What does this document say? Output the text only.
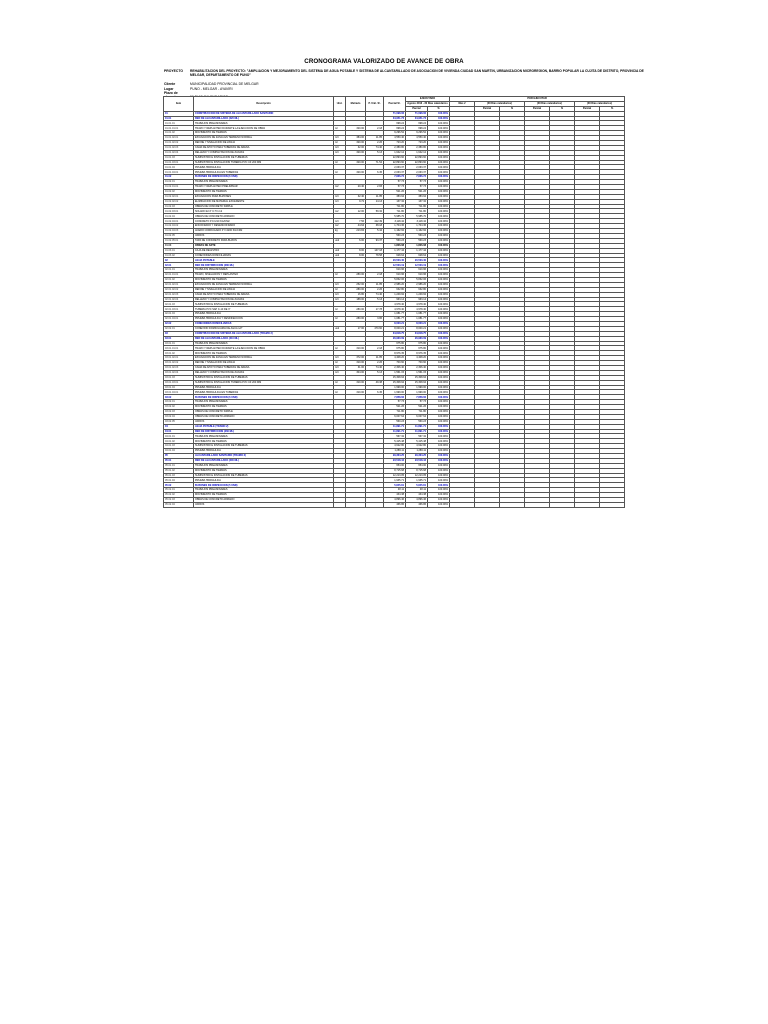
CRONOGRAMA VALORIZADO DE AVANCE DE OBRA
PROYECTO	REHABILITACION DEL PROYECTO: "AMPLIACION Y MEJORAMIENTO DEL SISTEMA DE AGUA POTABLE Y SISTEMA DE ALCANTARILLADO DE ASOCIACION DE VIVIENDA CIUDAD SAN MARTIN, URBANIZACION MICROREGION, BARRIO POPULAR LA CUJITA DE DISTRITO, PROVINCIA DE MELGAR, DEPARTAMENTO DE PUNO"
Cliente	MUNICIPALIDAD PROVINCIAL DE MELGAR
Lugar	PUNO - MELGAR - AYAVIRI
Plazo de
Item	Descripción	Und.	Metrado	P. Unit. S/.	Parcial S/.	EJECUTADO		POR EJECUTAR						
						Agosto 2013 - 30 Dias calendarios		Mes 2	(30 Dias calendarios)		(30 Dias calendarios)		(30 Dias calendarios)	
						Parcial	%		Parcial	%	Parcial	%	Parcial	%
01	CONSTRUCCION DE SISTEMA DE ALCANTARILLADO SANITARIO				71,098.06	71,098.06	100.00%							
01.01	RED DE ALCANTARILLADO (320 ML)				34,951.73	34,951.73	100.00%							
01.01.01	TRABAJOS PRELIMINARES				698.24	698.24	100.00%							
01.01.01.01	TRAZO Y REPLANTEO DURANTE LA EJECUCION DE OBRA	ml	320.00	2.18	698.24	698.24	100.00%							
01.01.02	MOVIMIENTO DE TIERRAS				9,296.52	9,296.52	100.00%							
01.01.02.01	EXCAVACION DE ZANJA EN TERRENO NORMAL	m3	384.00	11.85	4,550.40	4,550.40	100.00%							
01.01.02.02	REFINE Y NIVELACION DE ZANJA	ml	320.00	2.26	723.20	723.20	100.00%							
01.01.02.03	CAMA DE APOYO PARA TUBERIAS DE ARENA	m3	32.00	74.40	2,380.80	2,380.80	100.00%							
01.01.02.04	RELLENO Y COMPACTACION DE ZANJAS	m3	320.00	5.13	1,642.12	1,642.12	100.00%							
01.01.03	SUMINISTRO E INSTALACION DE TUBERIAS				22,893.60	22,893.60	100.00%							
01.01.03.01	SUMINISTRO E INSTALACION TUBERIA PVC UF 200 MM	ml	320.00	71.54	22,893.60	22,893.60	100.00%							
01.01.04	PRUEBA HIDRAULICA				2,063.37	2,063.37	100.00%							
01.01.04.01	PRUEBA HIDRAULICA EN TUBERIAS	ml	320.00	6.45	2,063.37	2,063.37	100.00%							
01.02	BUZONES DE INSPECCION (6 UND)				7,836.72	7,836.72	100.00%							
01.02.01	TRABAJOS PRELIMINARES				57.73	57.73	100.00%							
01.02.01.01	TRAZO Y REPLANTEO PRELIMINAR	m2	20.40	2.83	57.73	57.73	100.00%							
01.02.02	MOVIMIENTO DE TIERRAS				521.26	521.26	100.00%							
01.02.02.01	EXCAVACION PARA BUZONES	m3	32.40	11.85	383.94	383.94	100.00%							
01.02.02.02	ELIMINACION DE MATERIAL EXCEDENTE	m3	9.72	14.13	137.32	137.32	100.00%							
01.02.03	OBRAS DE CONCRETO SIMPLE				711.80	711.80	100.00%							
01.02.03.01	SOLADO E=4" C:H 1:12	m2	12.00	59.32	711.80	711.80	100.00%							
01.02.04	OBRAS DE CONCRETO ARMADO				5,985.70	5,985.70	100.00%							
01.02.04.01	CONCRETO F'C=210 KG/CM2	m3	7.56	412.49	3,118.42	3,118.42	100.00%							
01.02.04.02	ENCOFRADO Y DESENCOFRADO	m2	44.64	38.18	1,704.36	1,704.36	100.00%							
01.02.04.03	ACERO CORRUGADO FY=4200 KG/CM2	kg	213.84	5.44	1,162.92	1,162.92	100.00%							
01.02.05	VARIOS				560.23	560.23	100.00%							
01.02.05.01	TAPA DE CONCRETO PARA BUZON	und	6.00	93.37	560.23	560.23	100.00%							
01.03	OBRAS DE ARTE				1,806.08	1,806.08	100.00%							
01.03.01	CAJA DE REGISTRO	und	8.00	147.18	1,177.44	1,177.44	100.00%							
01.03.02	CONEXIONES DOMICILIARIAS	und	8.00	78.58	628.64	628.64	100.00%							
02	AGUA POTABLE				20,503.40	20,503.40	100.00%							
02.01	RED DE DISTRIBUCION (280 ML)				12,503.19	12,503.19	100.00%							
02.01.01	TRABAJOS PRELIMINARES				610.96	610.96	100.00%							
02.01.01.01	TRAZO, NIVELACION Y REPLANTEO	ml	280.00	2.18	610.96	610.96	100.00%							
02.01.02	MOVIMIENTO DE TIERRAS				5,832.06	5,832.06	100.00%							
02.01.02.01	EXCAVACION DE ZANJA EN TERRENO NORMAL	m3	252.00	11.85	2,986.20	2,986.20	100.00%							
02.01.02.02	REFINE Y NIVELACION DE ZANJA	ml	280.00	2.26	632.80	632.80	100.00%							
02.01.02.03	CAMA DE APOYO PARA TUBERIAS DE ARENA	m3	16.80	74.40	1,249.92	1,249.92	100.00%							
02.01.02.04	RELLENO Y COMPACTACION DE ZANJAS	m3	188.00	5.13	963.14	963.14	100.00%							
02.01.03	SUMINISTRO E INSTALACION DE TUBERIAS				4,978.40	4,978.40	100.00%							
02.01.03.01	TUBERIA PVC SAP C-10 DE 3"	ml	280.00	17.78	4,978.40	4,978.40	100.00%							
02.01.04	PRUEBA HIDRAULICA				1,081.77	1,081.77	100.00%							
02.01.04.01	PRUEBA HIDRAULICA Y DESINFECCION	ml	280.00	3.86	1,081.77	1,081.77	100.00%							
02.02	CONEXIONES DOMICILIARIAS				8,000.21	8,000.21	100.00%							
02.02.01	CONEXION DOMICILIARIA DE AGUA 1/2"	und	17.00	470.60	8,000.21	8,000.21	100.00%							
03	CONSTRUCCION DE SISTEMA DE ALCANTARILLADO (TRAMO 2)				34,818.75	34,818.75	100.00%							
03.01	RED DE ALCANTARILLADO (310 ML)				26,960.09	26,960.09	100.00%							
03.01.01	TRABAJOS PRELIMINARES				675.80	675.80	100.00%							
03.01.01.01	TRAZO Y REPLANTEO DURANTE LA EJECUCION DE OBRA	ml	310.00	2.18	675.80	675.80	100.00%							
03.01.02	MOVIMIENTO DE TIERRAS				8,976.35	8,976.35	100.00%							
03.01.02.01	EXCAVACION DE ZANJA EN TERRENO NORMAL	m3	372.00	11.85	4,408.20	4,408.20	100.00%							
03.01.02.02	REFINE Y NIVELACION DE ZANJA	ml	310.00	2.26	700.60	700.60	100.00%							
03.01.02.03	CAMA DE APOYO PARA TUBERIAS DE ARENA	m3	31.00	74.40	2,306.40	2,306.40	100.00%							
03.01.02.04	RELLENO Y COMPACTACION DE ZANJAS	m3	304.00	5.13	1,561.15	1,561.15	100.00%							
03.01.03	SUMINISTRO E INSTALACION DE TUBERIAS				15,308.94	15,308.94	100.00%							
03.01.03.01	SUMINISTRO E INSTALACION TUBERIA PVC UF 200 MM	ml	310.00	49.38	15,308.94	15,308.94	100.00%							
03.01.04	PRUEBA HIDRAULICA				1,999.00	1,999.00	100.00%							
03.01.04.01	PRUEBA HIDRAULICA EN TUBERIAS	ml	310.00	6.45	1,999.00	1,999.00	100.00%							
03.02	BUZONES DE INSPECCION (6 UND)				7,858.66	7,858.66	100.00%							
03.02.01	TRABAJOS PRELIMINARES				57.73	57.73	100.00%							
03.02.02	MOVIMIENTO DE TIERRAS				521.26	521.26	100.00%							
03.02.03	OBRAS DE CONCRETO SIMPLE				711.80	711.80	100.00%							
03.02.04	OBRAS DE CONCRETO ARMADO				6,007.64	6,007.64	100.00%							
03.02.05	VARIOS				560.23	560.23	100.00%							
04	AGUA POTABLE (TRAMO 2)				11,891.71	11,891.71	100.00%							
04.01	RED DE DISTRIBUCION (260 ML)				11,891.71	11,891.71	100.00%							
04.01.01	TRABAJOS PRELIMINARES				567.32	567.32	100.00%							
04.01.02	MOVIMIENTO DE TIERRAS				5,415.48	5,415.48	100.00%							
04.01.03	SUMINISTRO E INSTALACION DE TUBERIAS				4,622.80	4,622.80	100.00%							
04.01.04	PRUEBA HIDRAULICA				1,286.11	1,286.11	100.00%							
05	ALCANTARILLADO SANITARIO (TRAMO 3)				29,364.25	29,364.25	100.00%							
05.01	RED DE ALCANTARILLADO (300 ML)				23,518.44	23,518.44	100.00%							
05.01.01	TRABAJOS PRELIMINARES				654.00	654.00	100.00%							
05.01.02	MOVIMIENTO DE TIERRAS				8,715.68	8,715.68	100.00%							
05.01.03	SUMINISTRO E INSTALACION DE TUBERIAS				12,213.05	12,213.05	100.00%							
05.01.04	PRUEBA HIDRAULICA				1,935.71	1,935.71	100.00%							
05.02	BUZONES DE INSPECCION (5 UND)				5,845.81	5,845.81	100.00%							
05.02.01	TRABAJOS PRELIMINARES				48.11	48.11	100.00%							
05.02.02	MOVIMIENTO DE TIERRAS				434.38	434.38	100.00%							
05.02.03	OBRAS DE CONCRETO ARMADO				4,896.46	4,896.46	100.00%							
05.02.04	VARIOS				466.86	466.86	100.00%							
